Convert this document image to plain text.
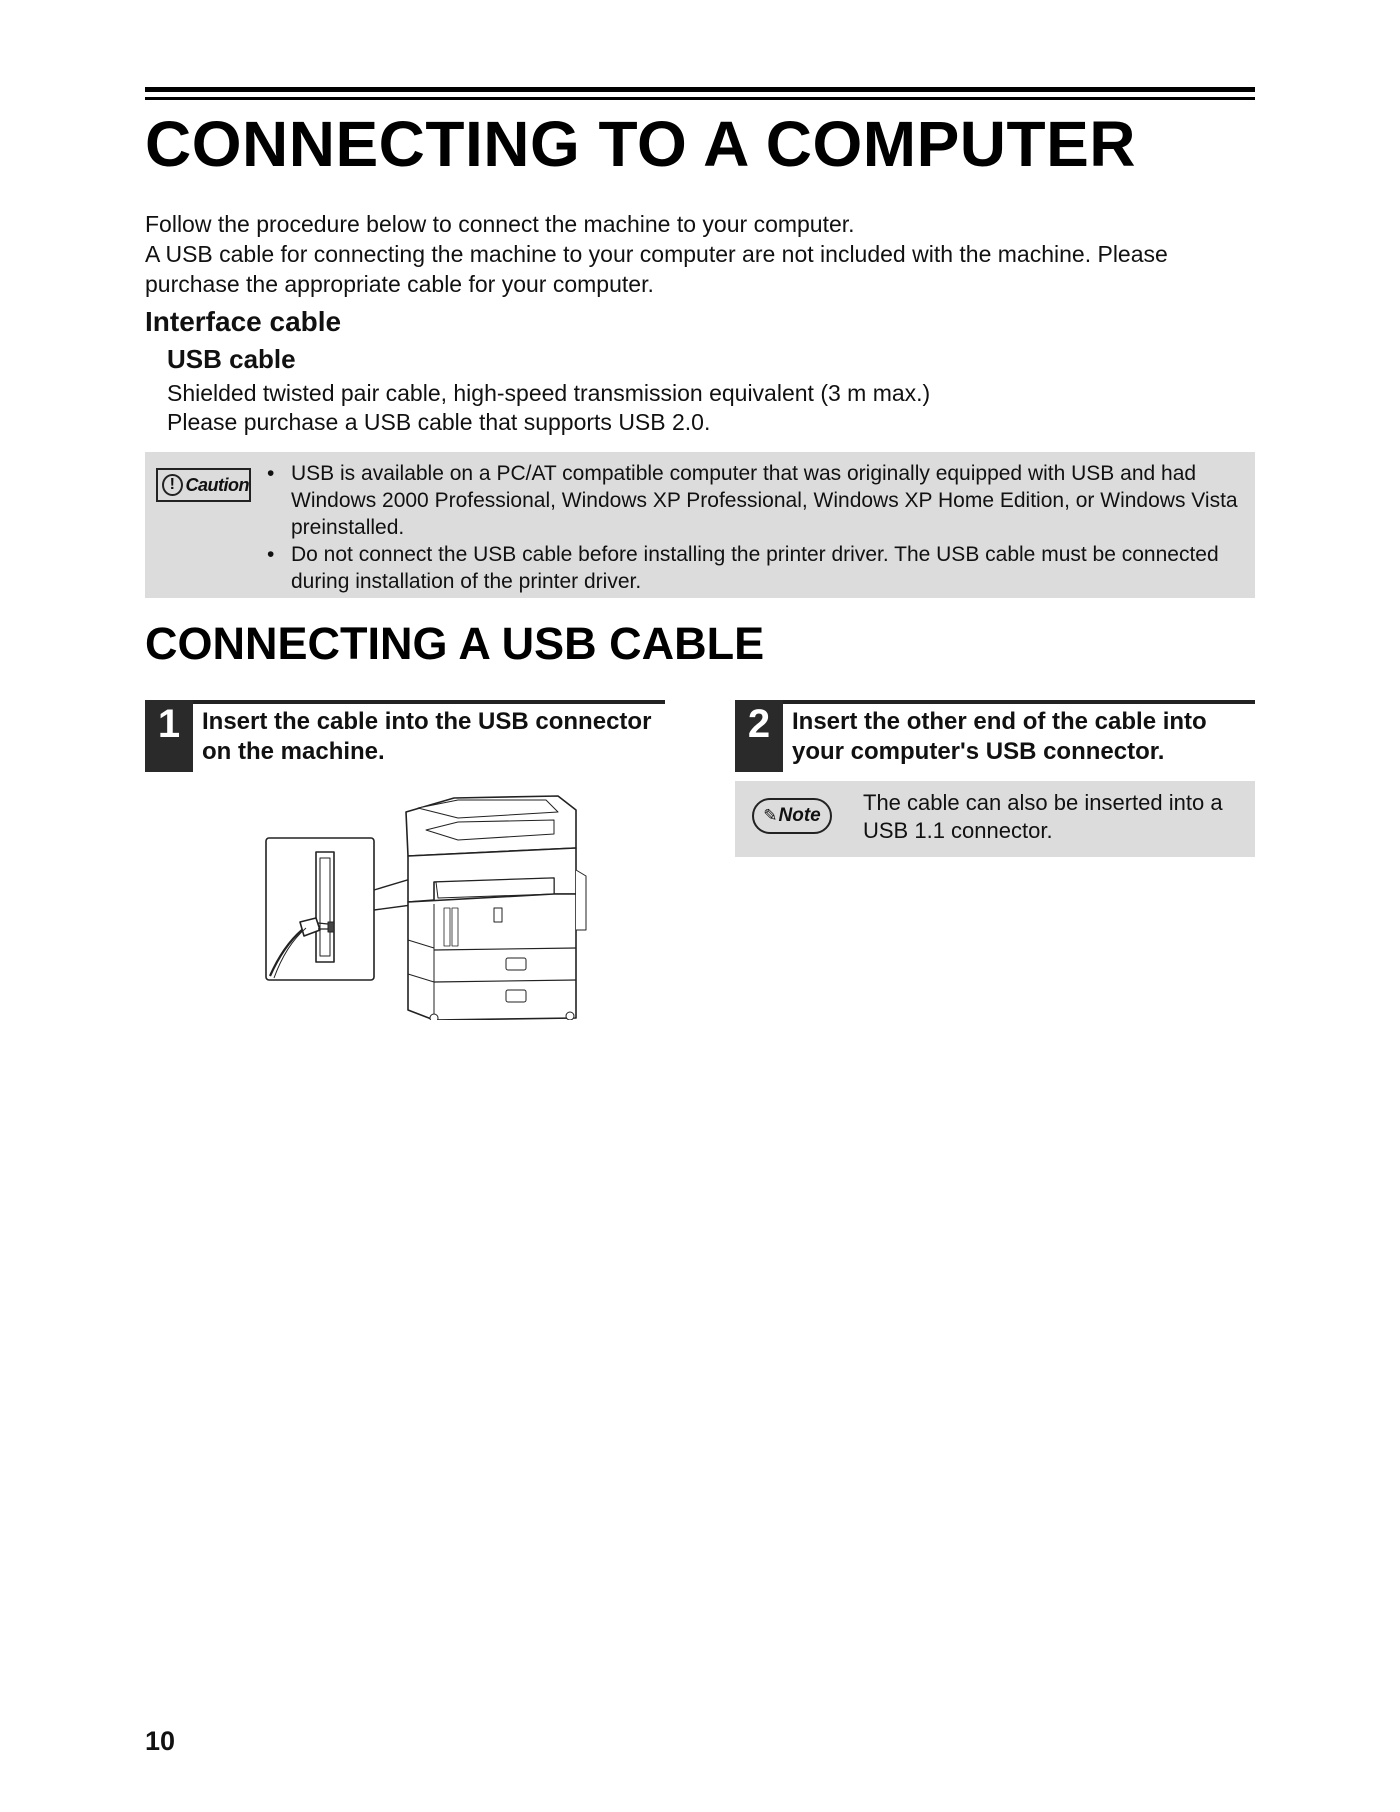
CONNECTING TO A COMPUTER

Follow the procedure below to connect the machine to your computer.

A USB cable for connecting the machine to your computer are not included with the machine. Please

purchase the appropriate cable for your computer.

Interface cable
USB cable

Shielded twisted pair cable, high-speed transmission equivalent (3 m max.)

Please purchase a USB cable that supports USB 2.0.

! Caution
•	USB is available on a PC/AT compatible computer that was originally equipped with USB and had Windows 2000 Professional, Windows XP Professional, Windows XP Home Edition, or Windows Vista preinstalled.
• Do not connect the USB cable before installing the printer driver. The USB cable must be connected during installation of the printer driver.
CONNECTING A USB CABLE
1 Insert the cable into the USB connector
on the machine.

2 Insert the other end of the cable into
your computer's USB connector.

✎ Note

The cable can also be inserted into a
USB 1.1 connector.

10
